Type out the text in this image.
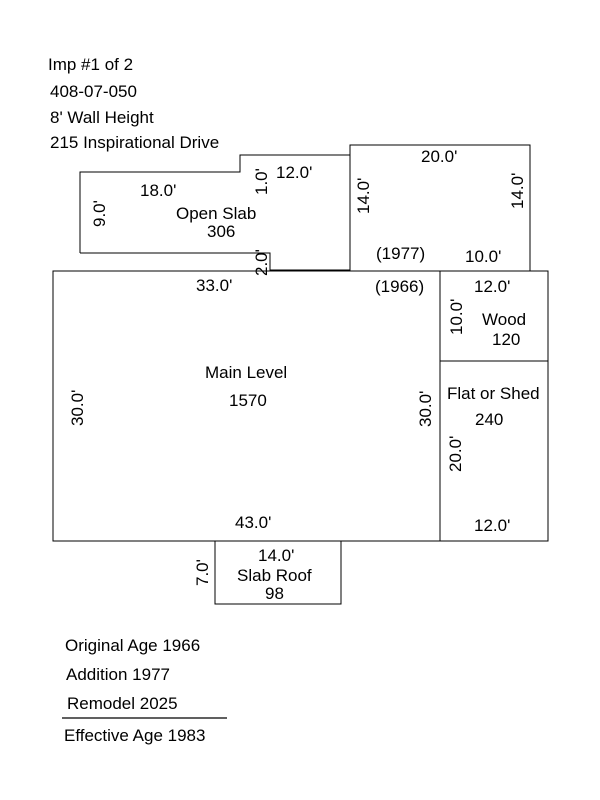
Imp #1 of 2
408-07-050
8' Wall Height
215 Inspirational Drive
18.0'
9.0'
1.0' 12.0'
2.0'
Open Slab
306
20.0'
14.0'	14.0'
10.0'
(1977)
(1966)
33.0'
30.0'	30.0'
43.0'
Main Level
1570
12.0'
10.0' Wood
120
Flat or Shed
240
20.0'
12.0'
14.0'
7.0' Slab Roof
98
Original Age 1966
Addition 1977
Remodel 2025
Effective Age 1983
